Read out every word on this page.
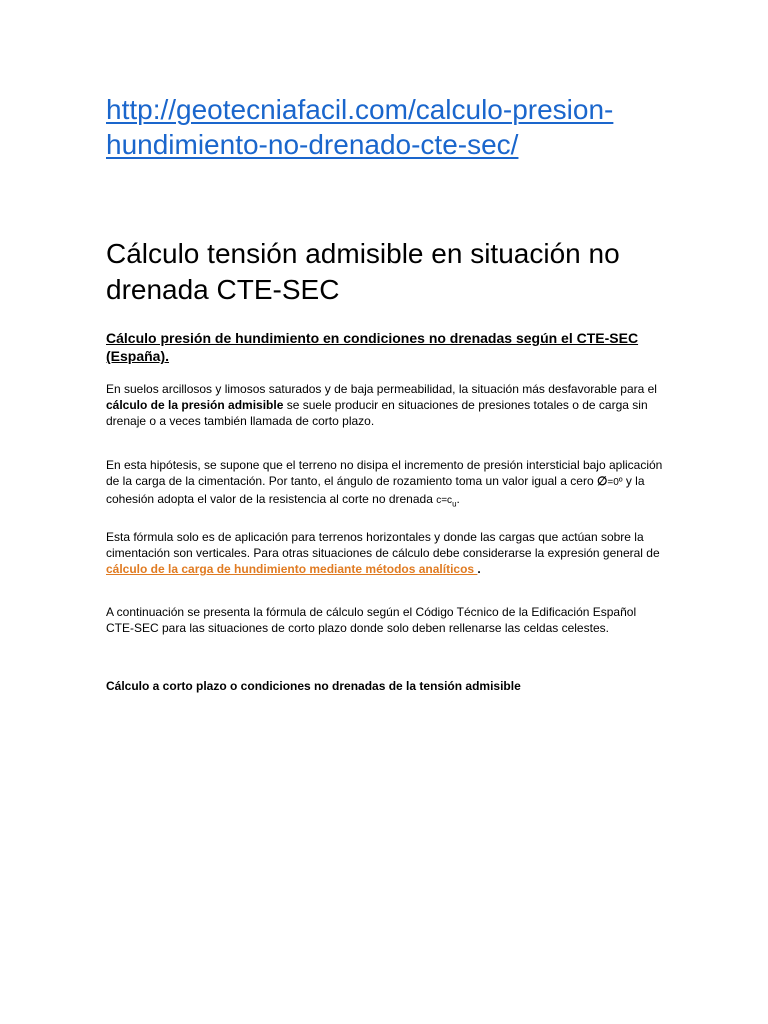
http://geotecniafacil.com/calculo-presion-
hundimiento-no-drenado-cte-sec/
Cálculo tensión admisible en situación no drenada CTE-SEC
Cálculo presión de hundimiento en condiciones no drenadas según el CTE-SEC (España).

En suelos arcillosos y limosos saturados y de baja permeabilidad, la situación más desfavorable para el cálculo de la presión admisible se suele producir en situaciones de presiones totales o de carga sin drenaje o a veces también llamada de corto plazo.

En esta hipótesis, se supone que el terreno no disipa el incremento de presión intersticial bajo aplicación de la carga de la cimentación. Por tanto, el ángulo de rozamiento toma un valor igual a cero ∅=0º y la cohesión adopta el valor de la resistencia al corte no drenada $c=c_u$.

Esta fórmula solo es de aplicación para terrenos horizontales y donde las cargas que actúan sobre la cimentación son verticales. Para otras situaciones de cálculo debe considerarse la expresión general de cálculo de la carga de hundimiento mediante métodos analíticos .

A continuación se presenta la fórmula de cálculo según el Código Técnico de la Edificación Español CTE-SEC para las situaciones de corto plazo donde solo deben rellenarse las celdas celestes.

Cálculo a corto plazo o condiciones no drenadas de la tensión admisible
